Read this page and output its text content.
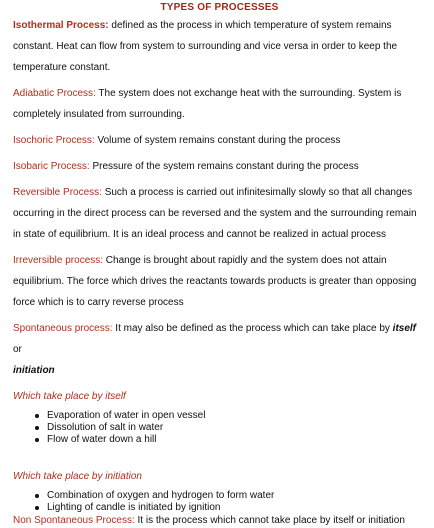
TYPES OF PROCESSES

Isothermal Process: defined as the process in which temperature of system remains

constant. Heat can flow from system to surrounding and vice versa in order to keep the

temperature constant.

Adiabatic Process: The system does not exchange heat with the surrounding. System is

completely insulated from surrounding.

Isochoric Process: Volume of system remains constant during the process

Isobaric Process: Pressure of the system remains constant during the process

Reversible Process: Such a process is carried out infinitesimally slowly so that all changes

occurring in the direct process can be reversed and the system and the surrounding remain

in state of equilibrium. It is an ideal process and cannot be realized in actual process

Irreversible process: Change is brought about rapidly and the system does not attain

equilibrium. The force which drives the reactants towards products is greater than opposing

force which is to carry reverse process

Spontaneous process: It may also be defined as the process which can take place by itself or

initiation

Which take place by itself

Evaporation of water in open vessel
Dissolution of salt in water
Flow of water down a hill

Which take place by initiation

Combination of oxygen and hydrogen to form water
Lighting of candle is initiated by ignition

Non Spontaneous Process: It is the process which cannot take place by itself or initiation
